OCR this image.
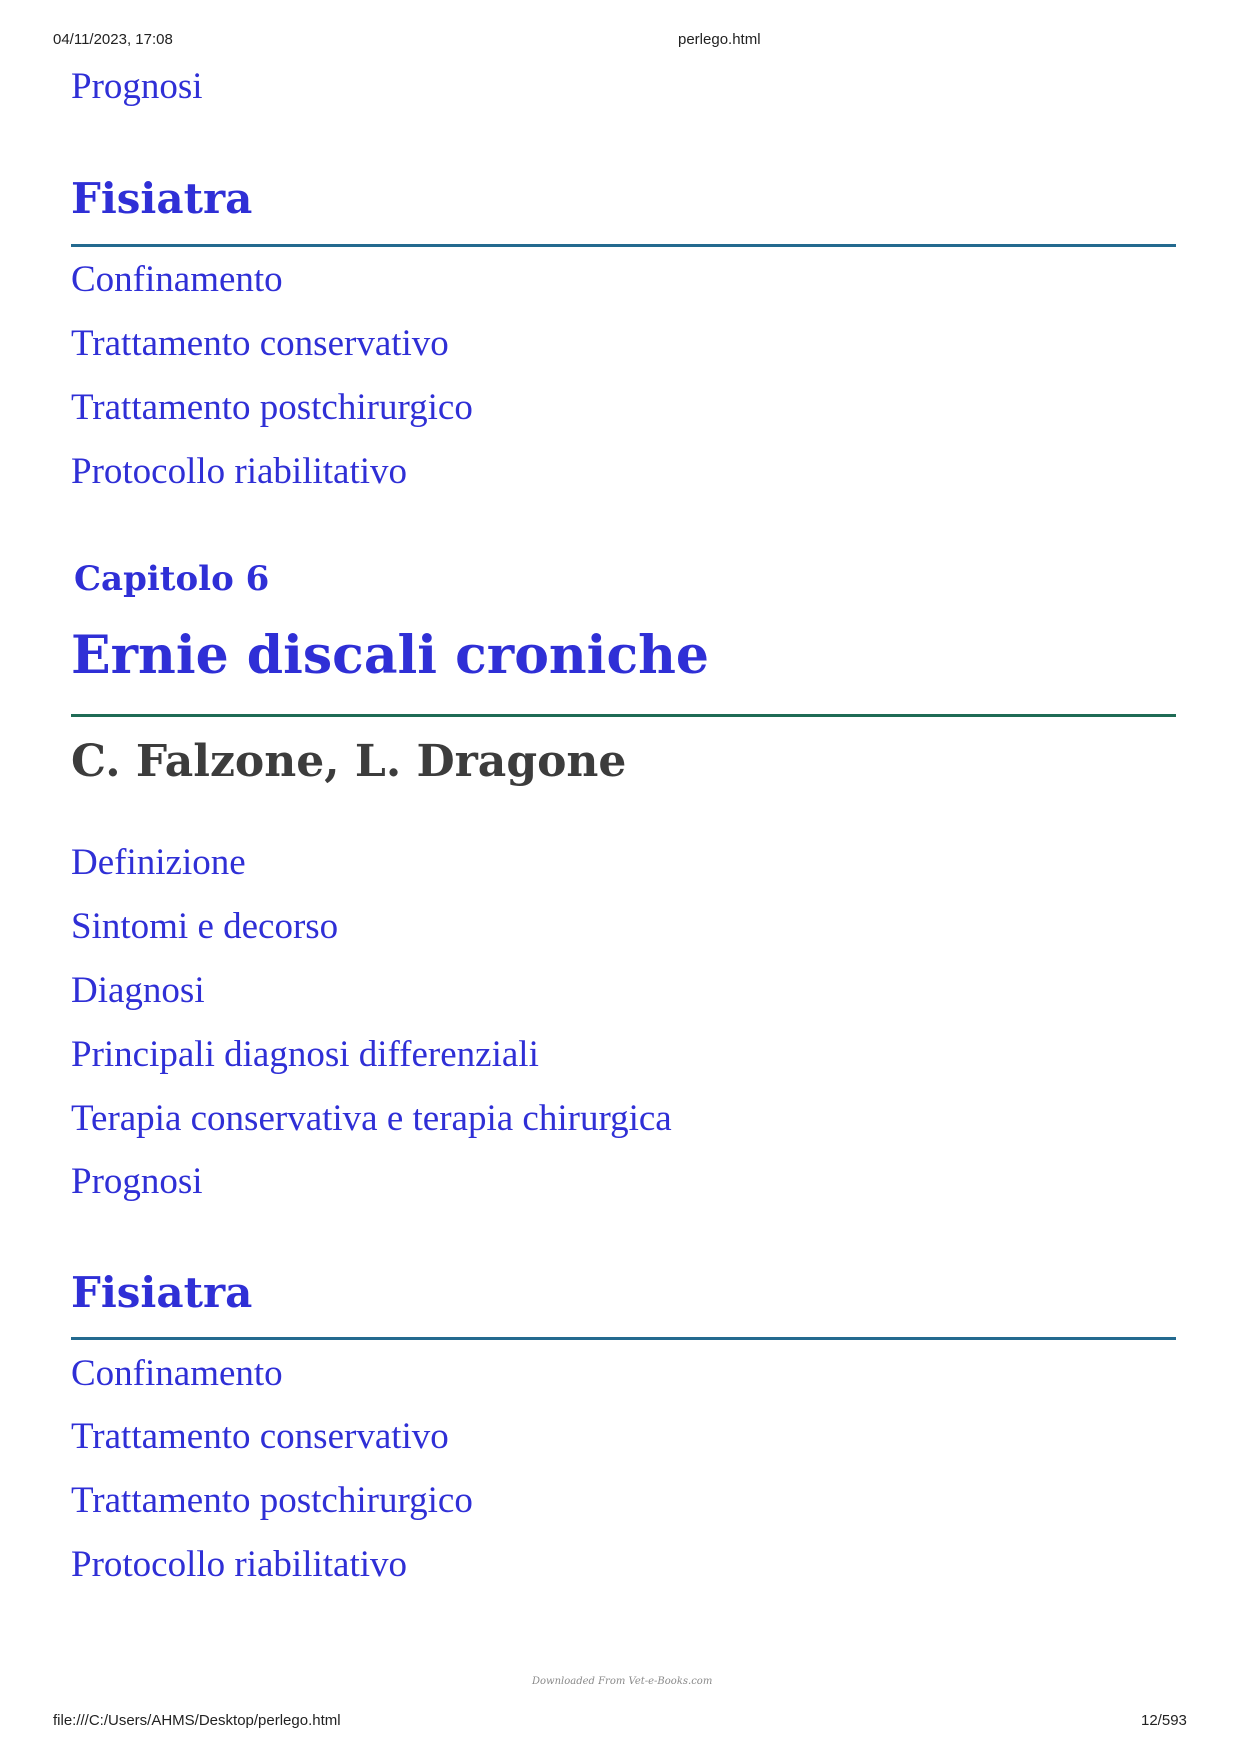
04/11/2023, 17:08	perlego.html
Prognosi
Fisiatra
Confinamento
Trattamento conservativo
Trattamento postchirurgico
Protocollo riabilitativo
Capitolo 6
Ernie discali croniche
C. Falzone, L. Dragone
Definizione
Sintomi e decorso
Diagnosi
Principali diagnosi differenziali
Terapia conservativa e terapia chirurgica
Prognosi
Fisiatra
Confinamento
Trattamento conservativo
Trattamento postchirurgico
Protocollo riabilitativo
Downloaded From Vet-e-Books.com
file:///C:/Users/AHMS/Desktop/perlego.html	12/593
